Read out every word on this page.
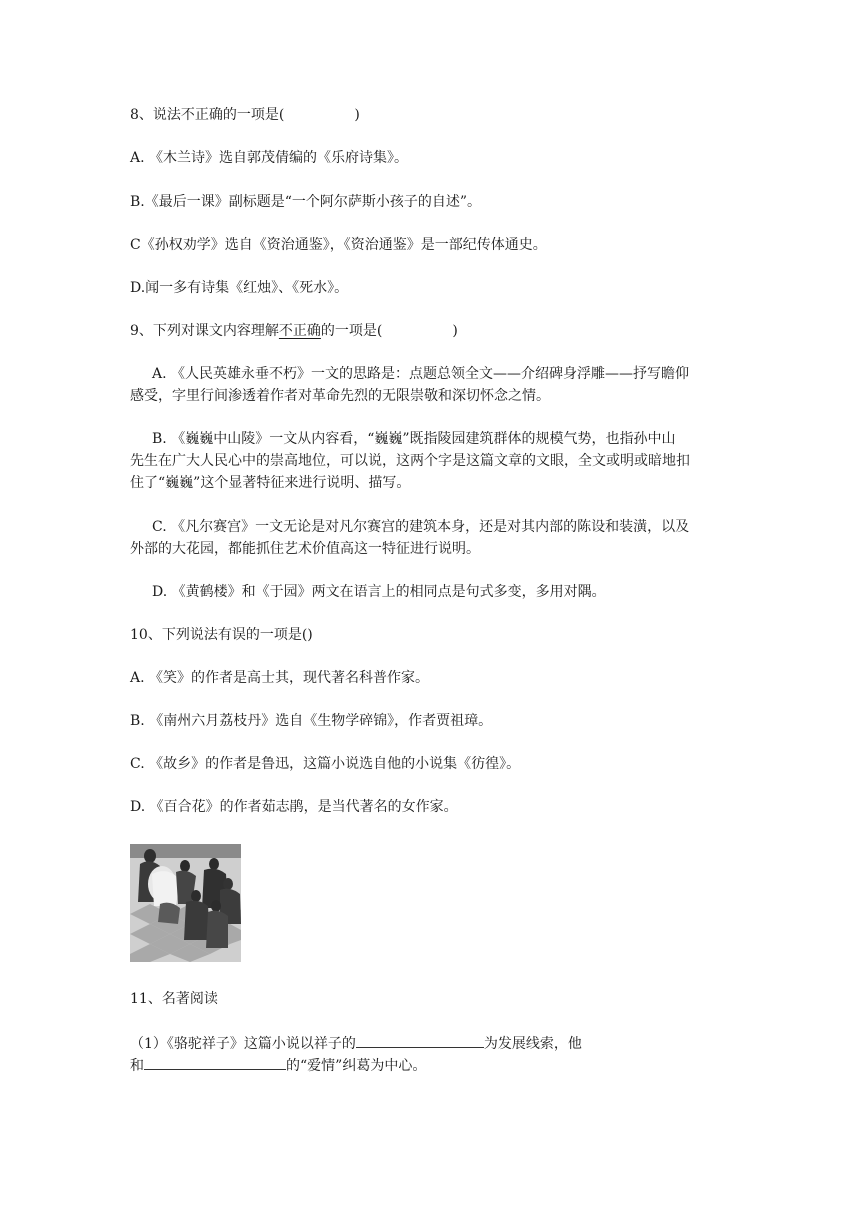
8、说法不正确的一项是(　　　　　)
A. 《木兰诗》选自郭茂倩编的《乐府诗集》。
B.《最后一课》副标题是“一个阿尔萨斯小孩子的自述”。
C《孙权劝学》选自《资治通鉴》，《资治通鉴》是一部纪传体通史。
D.闻一多有诗集《红烛》、《死水》。
9、下列对课文内容理解不正确的一项是(　　　　　)
A. 《人民英雄永垂不朽》一文的思路是：点题总领全文——介绍碑身浮雕——抒写瞻仰
感受，字里行间渗透着作者对革命先烈的无限崇敬和深切怀念之情。
B. 《巍巍中山陵》一文从内容看，“巍巍”既指陵园建筑群体的规模气势，也指孙中山
先生在广大人民心中的崇高地位，可以说，这两个字是这篇文章的文眼，全文或明或暗地扣
住了“巍巍”这个显著特征来进行说明、描写。
C. 《凡尔赛宫》一文无论是对凡尔赛宫的建筑本身，还是对其内部的陈设和装潢，以及
外部的大花园，都能抓住艺术价值高这一特征进行说明。
D. 《黄鹤楼》和《于园》两文在语言上的相同点是句式多变，多用对隅。
10、下列说法有误的一项是()
A. 《笑》的作者是高士其，现代著名科普作家。
B. 《南州六月荔枝丹》选自《生物学碎锦》，作者贾祖璋。
C. 《故乡》的作者是鲁迅，这篇小说选自他的小说集《彷徨》。
D. 《百合花》的作者茹志鹃，是当代著名的女作家。
11、名著阅读
（1）《骆驼祥子》这篇小说以祥子的	为发展线索，他
和	的“爱情”纠葛为中心。
